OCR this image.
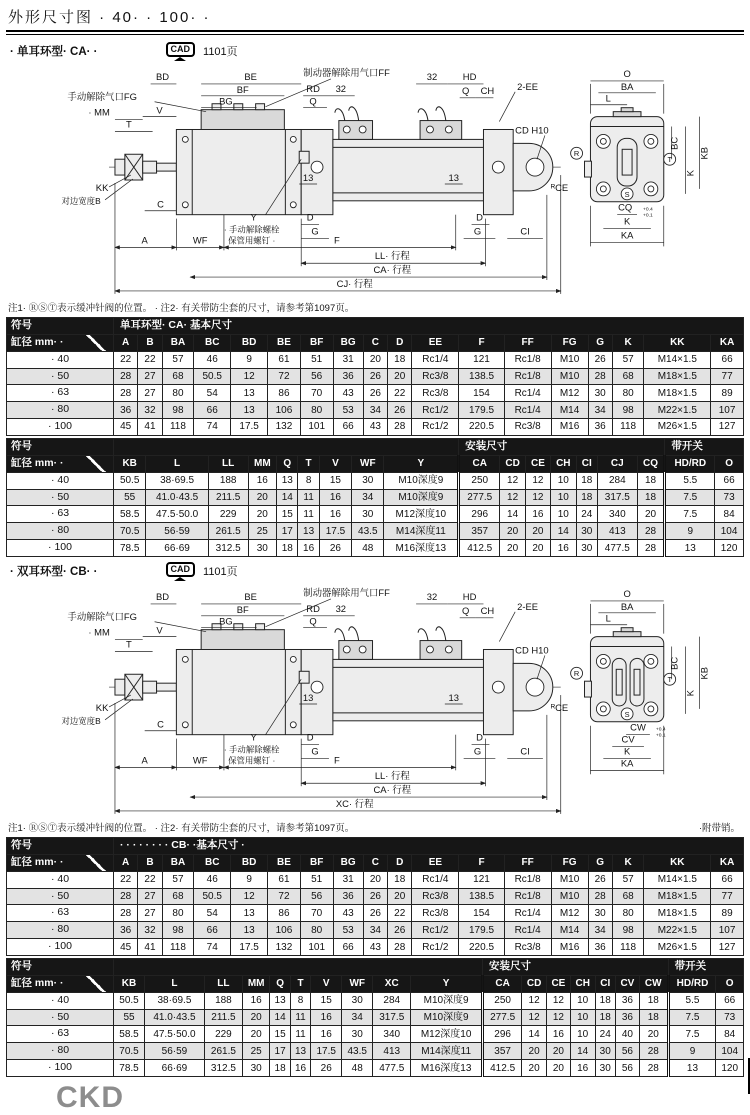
外形尺寸图 · 40· · 100· ·
· 单耳环型· CA· ·	CAD	1101页
BD	BE
BF
BG
制动器解除用气口FF
RD 32
Q
32	HD
Q CH 2-EE
手动解除气口FG
· MM	V
T
KK
对边宽度B	C
Y
· 手动解除螺栓
保管用螺钉 ·
D
G
13	13
A	WF	F
D
G	CI
LL· 行程
CA· 行程
CJ· 行程
CD H10
ᴿCE
R
T
S
O
BA
L
BC
KB
K
CQ +0.4
+0.1
K
KA
注1· ⓇⓈⓉ表示缓冲针阀的位置。 · 注2· 有关带防尘套的尺寸，请参考第1097页。
符号	单耳环型· CA· 基本尺寸																	
缸径 mm· ·	A	B	BA	BC	BD	BE	BF	BG	C	D	EE	F	FF	FG	G	K	KK	KA
· 40	22	22	57	46	9	61	51	31	20	18	Rc1/4	121	Rc1/8	M10	26	57	M14×1.5	66
· 50	28	27	68	50.5	12	72	56	36	26	20	Rc3/8	138.5	Rc1/8	M10	28	68	M18×1.5	77
· 63	28	27	80	54	13	86	70	43	26	22	Rc3/8	154	Rc1/4	M12	30	80	M18×1.5	89
· 80	36	32	98	66	13	106	80	53	34	26	Rc1/2	179.5	Rc1/4	M14	34	98	M22×1.5	107
· 100	45	41	118	74	17.5	132	101	66	43	28	Rc1/2	220.5	Rc3/8	M16	36	118	M26×1.5	127
符号										安装尺寸							带开关	
缸径 mm· ·	KB	L	LL	MM	Q	T	V	WF	Y	CA	CD	CE	CH	CI	CJ	CQ	HD/RD	O
· 40	50.5	38·69.5	188	16	13	8	15	30	M10深度9	250	12	12	10	18	284	18	5.5	66
· 50	55	41.0·43.5	211.5	20	14	11	16	34	M10深度9	277.5	12	12	10	18	317.5	18	7.5	73
· 63	58.5	47.5·50.0	229	20	15	11	16	30	M12深度10	296	14	16	10	24	340	20	7.5	84
· 80	70.5	56·59	261.5	25	17	13	17.5	43.5	M14深度11	357	20	20	14	30	413	28	9	104
· 100	78.5	66·69	312.5	30	18	16	26	48	M16深度13	412.5	20	20	16	30	477.5	28	13	120
· 双耳环型· CB· ·	CAD	1101页
BD	BE
BF
BG
制动器解除用气口FF
RD 32
Q
32	HD
Q CH 2-EE
手动解除气口FG
· MM	V
T
KK
对边宽度B	C
Y
· 手动解除螺栓
保管用螺钉 ·
D
G
13	13
A	WF	F
D
G	CI
LL· 行程
CA· 行程
XC· 行程
CD H10
ᴿCE
R
T
S
O
BA
L
BC
KB
K
CW +0.4
+0.1
CV
K
KA
注1· ⓇⓈⓉ表示缓冲针阀的位置。 · 注2· 有关带防尘套的尺寸，请参考第1097页。	·附带销。
符号	· · · · · · · · CB· ·基本尺寸 ·																	
缸径 mm· ·	A	B	BA	BC	BD	BE	BF	BG	C	D	EE	F	FF	FG	G	K	KK	KA
· 40	22	22	57	46	9	61	51	31	20	18	Rc1/4	121	Rc1/8	M10	26	57	M14×1.5	66
· 50	28	27	68	50.5	12	72	56	36	26	20	Rc3/8	138.5	Rc1/8	M10	28	68	M18×1.5	77
· 63	28	27	80	54	13	86	70	43	26	22	Rc3/8	154	Rc1/4	M12	30	80	M18×1.5	89
· 80	36	32	98	66	13	106	80	53	34	26	Rc1/2	179.5	Rc1/4	M14	34	98	M22×1.5	107
· 100	45	41	118	74	17.5	132	101	66	43	28	Rc1/2	220.5	Rc3/8	M16	36	118	M26×1.5	127
符号											安装尺寸							带开关	
缸径 mm· ·	KB	L	LL	MM	Q	T	V	WF	XC	Y	CA	CD	CE	CH	CI	CV	CW	HD/RD	O
· 40	50.5	38·69.5	188	16	13	8	15	30	284	M10深度9	250	12	12	10	18	36	18	5.5	66
· 50	55	41.0·43.5	211.5	20	14	11	16	34	317.5	M10深度9	277.5	12	12	10	18	36	18	7.5	73
· 63	58.5	47.5·50.0	229	20	15	11	16	30	340	M12深度10	296	14	16	10	24	40	20	7.5	84
· 80	70.5	56·59	261.5	25	17	13	17.5	43.5	413	M14深度11	357	20	20	14	30	56	28	9	104
· 100	78.5	66·69	312.5	30	18	16	26	48	477.5	M16深度13	412.5	20	20	16	30	56	28	13	120
CKD
